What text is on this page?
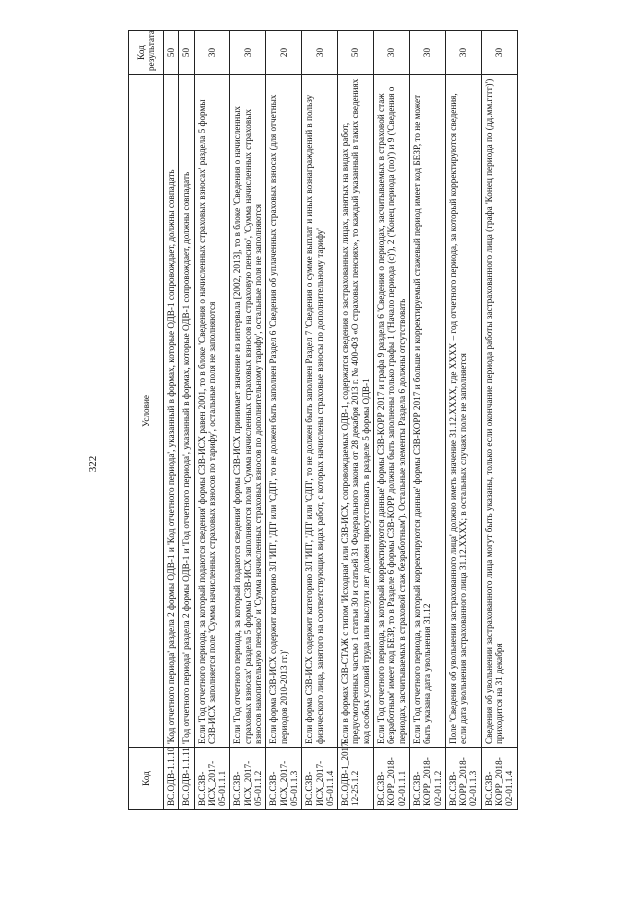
322
Код	Условие	Код результата
ВС.ОДВ-1.1.10	'Код отчетного периода' раздела 2 формы ОДВ-1 и 'Код отчетного периода', указанный в формах, которые ОДВ-1 сопровождает, должны совпадать	50
ВС.ОДВ-1.1.11	'Год отчетного периода' раздела 2 формы ОДВ-1 и 'Год отчетного периода', указанный в формах, которые ОДВ-1 сопровождает, должны совпадать	50
ВС.СЗВ-ИСХ_2017-05-01.1.1	Если 'Год отчетного периода, за который подаются сведения' формы СЗВ-ИСХ равен 2001, то в блоке 'Сведения о начисленных страховых взносах' раздела 5 формы СЗВ-ИСХ заполняется поле 'Сумма начисленных страховых взносов по тарифу', остальные поля не заполняются	30
ВС.СЗВ-ИСХ_2017-05-01.1.2	Если 'Год отчетного периода, за который подаются сведения' формы СЗВ-ИСХ принимает значение из интервала [2002, 2013], то в блоке 'Сведения о начисленных страховых взносах' раздела 5 формы СЗВ-ИСХ заполняются поля 'Сумма начисленных страховых взносов на страховую пенсию', 'Сумма начисленных страховых взносов накопительную пенсию' и 'Сумма начисленных страховых взносов по дополнительному тарифу', остальные поля не заполняются	30
ВС.СЗВ-ИСХ_2017-05-01.1.3	Если форма СЗВ-ИСХ содержит категорию ЗЛ 'ИП', 'ДП' или 'СДП', то не должен быть заполнен Раздел 6 'Сведения об уплаченных страховых взносах (для отчетных периодов 2010-2013 гг.)'	20
ВС.СЗВ-ИСХ_2017-05-01.1.4	Если форма СЗВ-ИСХ содержит категорию ЗЛ 'ИП', 'ДП' или 'СДП', то не должен быть заполнен Раздел 7 'Сведения о сумме выплат и иных вознаграждений в пользу физического лица, занятого на соответствующих видах работ, с которых начислены страховые взносы по дополнительному тарифу'	30
ВС.ОДВ-1_2017-12-25.1.2	Если в формах СЗВ-СТАЖ с типом 'Исходная' или СЗВ-ИСХ, сопровождаемых ОДВ-1, содержатся сведения о застрахованных лицах, занятых на видах работ, предусмотренных частью 1 статьи 30 и статьей 31 Федерального закона от 28 декабря 2013 г. № 400-ФЗ «О страховых пенсиях», то каждый указанный в таких сведениях код особых условий труда или выслуги лет должен присутствовать в разделе 5 формы ОДВ-1	50
ВС.СЗВ-КОРР_2018-02-01.1.1	Если 'Год отчетного периода, за который корректируются данные' формы СЗВ-КОРР 2017 и графа 9 раздела 6 'Сведения о периодах, засчитываемых в страховой стаж безработным' имеет код БЕЗР, то в Разделе 6 формы СЗВ-КОРР должны быть заполнены только графы 1 ('Начало периода (с)'), 2 ('Конец периода (по)') и 9 ('Сведения о периодах, засчитываемых в страховой стаж безработным'). Остальные элементы Раздела 6 должны отсутствовать	30
ВС.СЗВ-КОРР_2018-02-01.1.2	Если 'Год отчетного периода, за который корректируются данные' формы СЗВ-КОРР 2017 и больше и корректируемый стажевый период имеет код БЕЗР, то не может быть указана дата увольнения 31.12	30
ВС.СЗВ-КОРР_2018-02-01.1.3	Поле 'Сведения об увольнении застрахованного лица' должно иметь значение 31.12.XXXX, где XXXX – год отчетного периода, за который корректируются сведения, если дата увольнения застрахованного лица 31.12.XXXX; в остальных случаях поле не заполняется	30
ВС.СЗВ-КОРР_2018-02-01.1.4	Сведения об увольнении застрахованного лица могут быть указаны, только если окончание периода работы застрахованного лица (графа 'Конец периода по (дд.мм.гггг)') приходится на 31 декабря	30
